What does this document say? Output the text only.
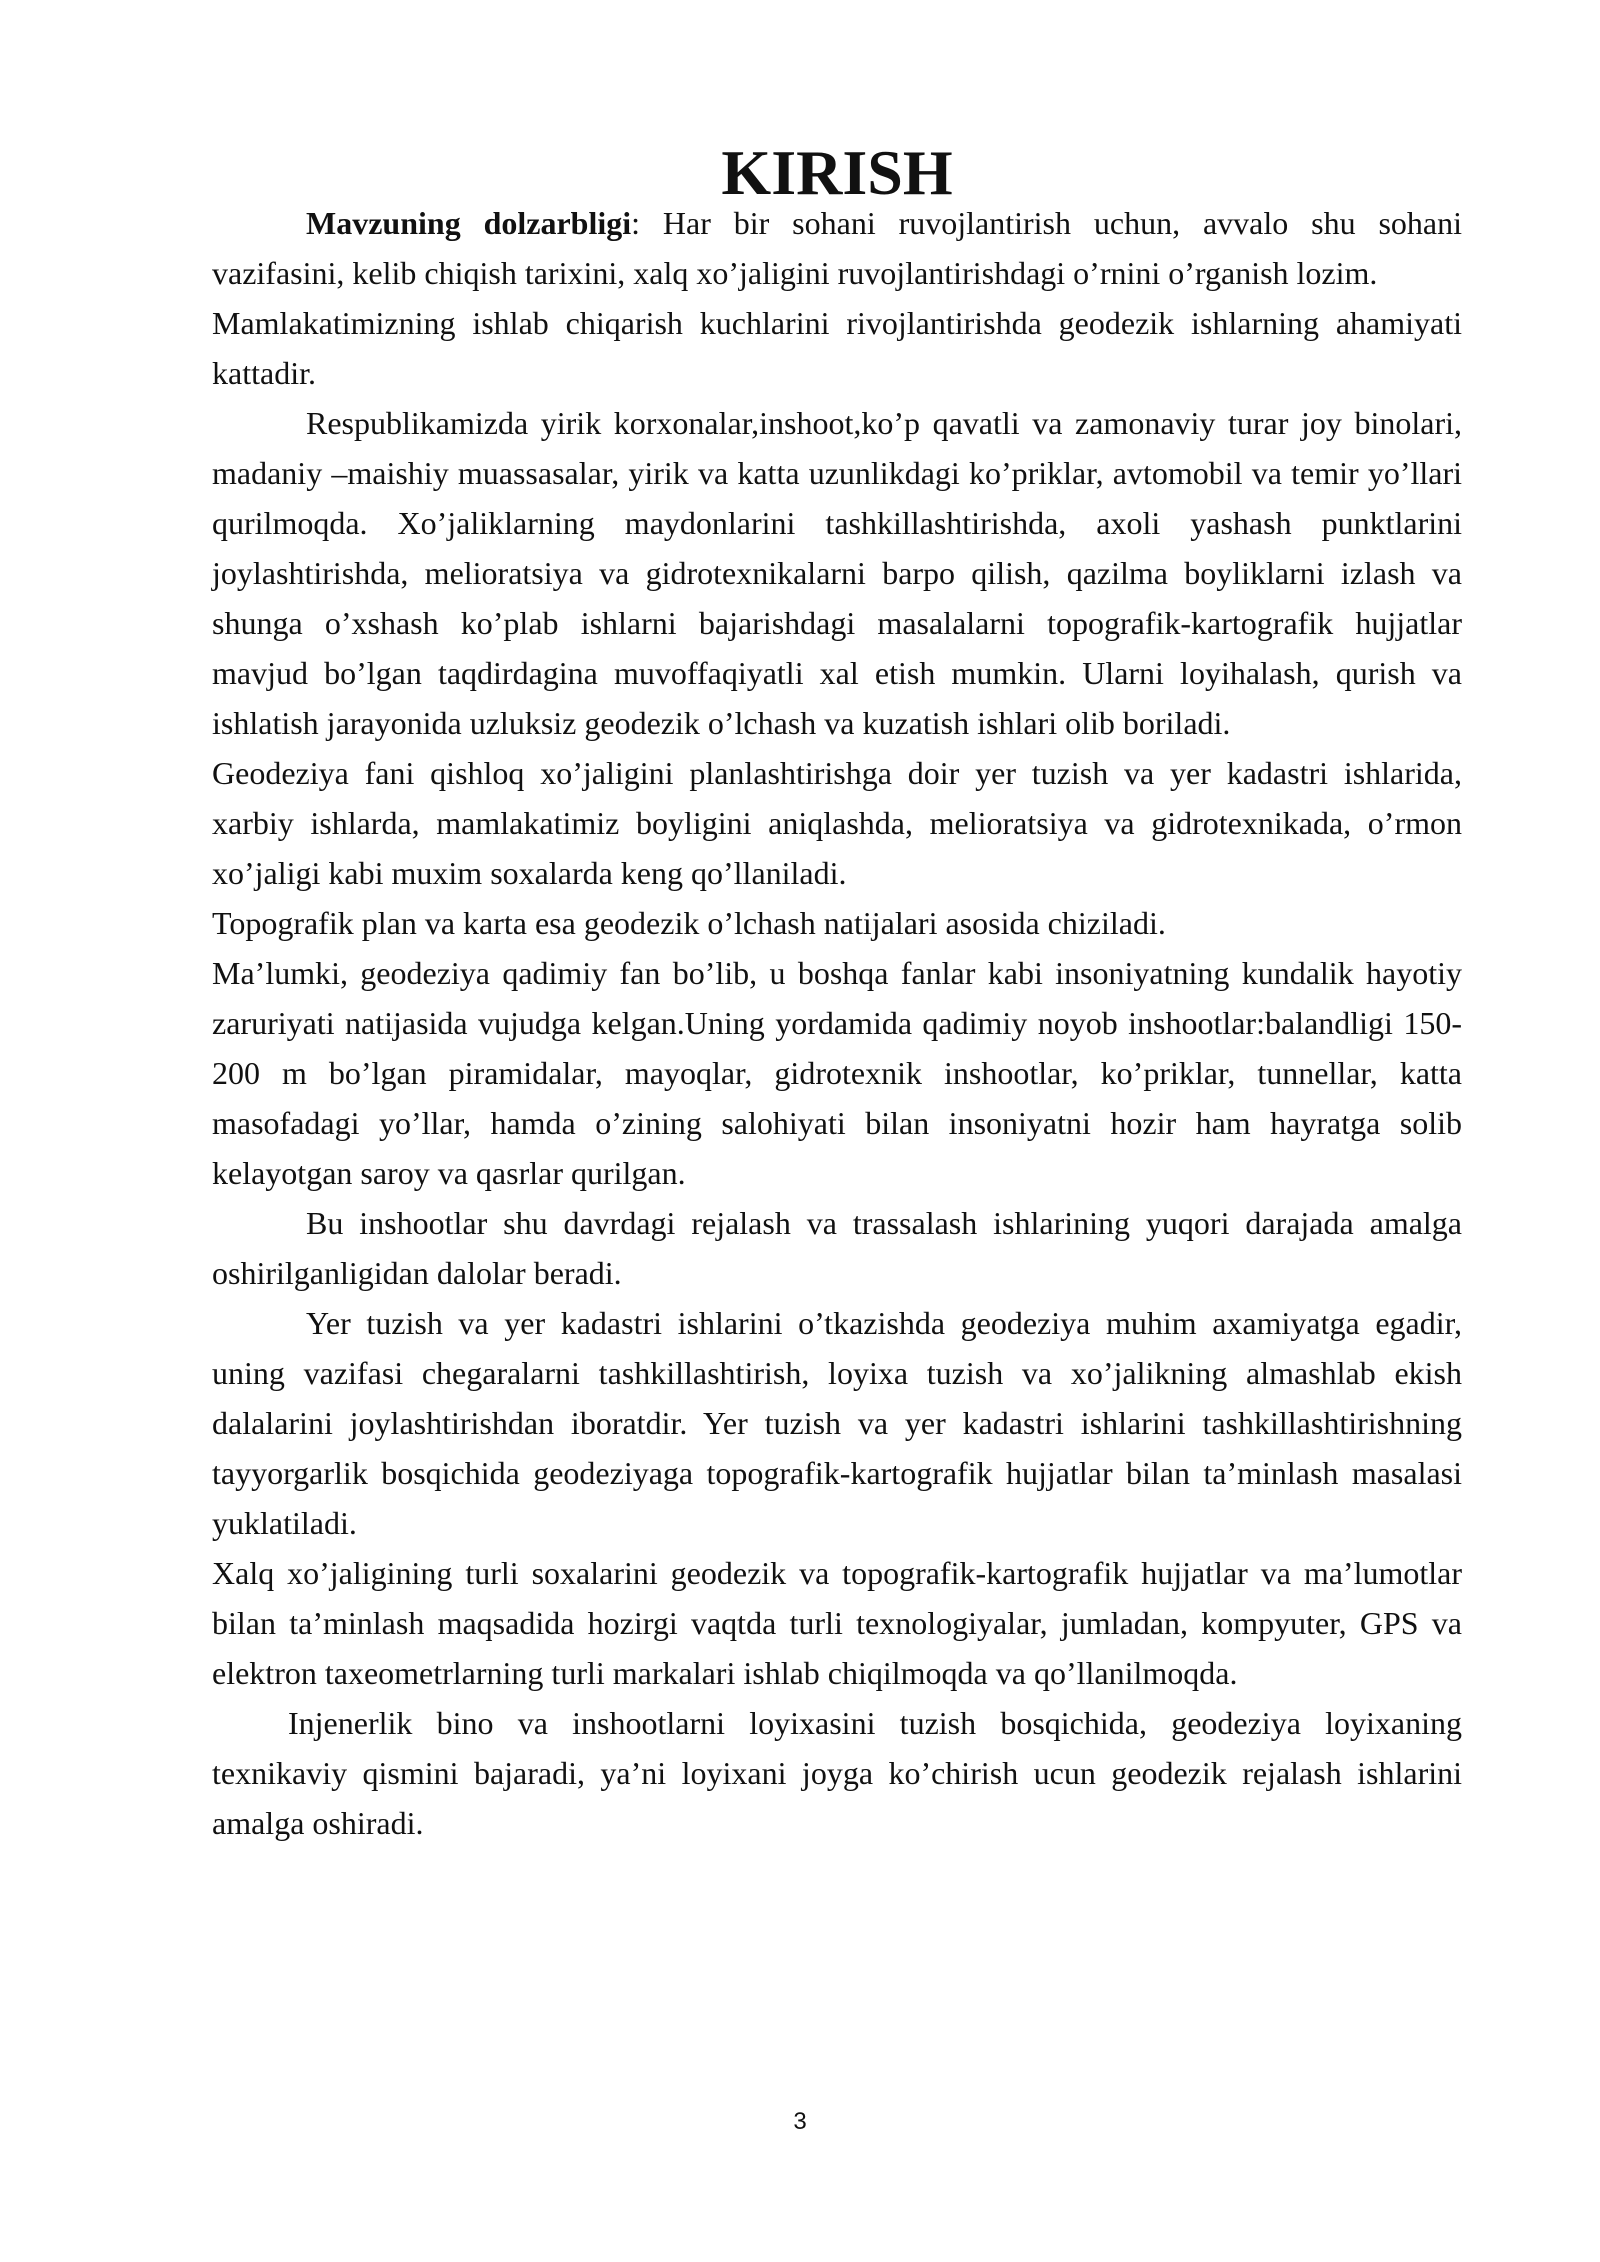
KIRISH

Mavzuning dolzarbligi: Har bir sohani ruvojlantirish uchun, avvalo shu sohani vazifasini, kelib chiqish tarixini, xalq xo’jaligini ruvojlantirishdagi o’rnini o’rganish lozim.

Mamlakatimizning ishlab chiqarish kuchlarini rivojlantirishda geodezik ishlarning ahamiyati kattadir.

Respublikamizda yirik korxonalar,inshoot,ko’p qavatli va zamonaviy turar joy binolari, madaniy –maishiy muassasalar, yirik va katta uzunlikdagi ko’priklar, avtomobil va temir yo’llari qurilmoqda. Xo’jaliklarning maydonlarini tashkillashtirishda, axoli yashash punktlarini joylashtirishda, melioratsiya va gidrotexnikalarni barpo qilish, qazilma boyliklarni izlash va shunga o’xshash ko’plab ishlarni bajarishdagi masalalarni topografik-kartografik hujjatlar mavjud bo’lgan taqdirdagina muvoffaqiyatli xal etish mumkin. Ularni loyihalash, qurish va ishlatish jarayonida uzluksiz geodezik o’lchash va kuzatish ishlari olib boriladi.

Geodeziya fani qishloq xo’jaligini planlashtirishga doir yer tuzish va yer kadastri ishlarida, xarbiy ishlarda, mamlakatimiz boyligini aniqlashda, melioratsiya va gidrotexnikada, o’rmon xo’jaligi kabi muxim soxalarda keng qo’llaniladi.

Topografik plan va karta esa geodezik o’lchash natijalari asosida chiziladi.

Ma’lumki, geodeziya qadimiy fan bo’lib, u boshqa fanlar kabi insoniyatning kundalik hayotiy zaruriyati natijasida vujudga kelgan.Uning yordamida qadimiy noyob inshootlar:balandligi 150-200 m bo’lgan piramidalar, mayoqlar, gidrotexnik inshootlar, ko’priklar, tunnellar, katta masofadagi yo’llar, hamda o’zining salohiyati bilan insoniyatni hozir ham hayratga solib kelayotgan saroy va qasrlar qurilgan.

Bu inshootlar shu davrdagi rejalash va trassalash ishlarining yuqori darajada amalga oshirilganligidan dalolar beradi.

Yer tuzish va yer kadastri ishlarini o’tkazishda geodeziya muhim axamiyatga egadir, uning vazifasi chegaralarni tashkillashtirish, loyixa tuzish va xo’jalikning almashlab ekish dalalarini joylashtirishdan iboratdir. Yer tuzish va yer kadastri ishlarini tashkillashtirishning tayyorgarlik bosqichida geodeziyaga topografik-kartografik hujjatlar bilan ta’minlash masalasi yuklatiladi.

Xalq xo’jaligining turli soxalarini geodezik va topografik-kartografik hujjatlar va ma’lumotlar bilan ta’minlash maqsadida hozirgi vaqtda turli texnologiyalar, jumladan, kompyuter, GPS va elektron taxeometrlarning turli markalari ishlab chiqilmoqda va qo’llanilmoqda.

Injenerlik bino va inshootlarni loyixasini tuzish bosqichida, geodeziya loyixaning texnikaviy qismini bajaradi, ya’ni loyixani joyga ko’chirish ucun geodezik rejalash ishlarini amalga oshiradi.

3
